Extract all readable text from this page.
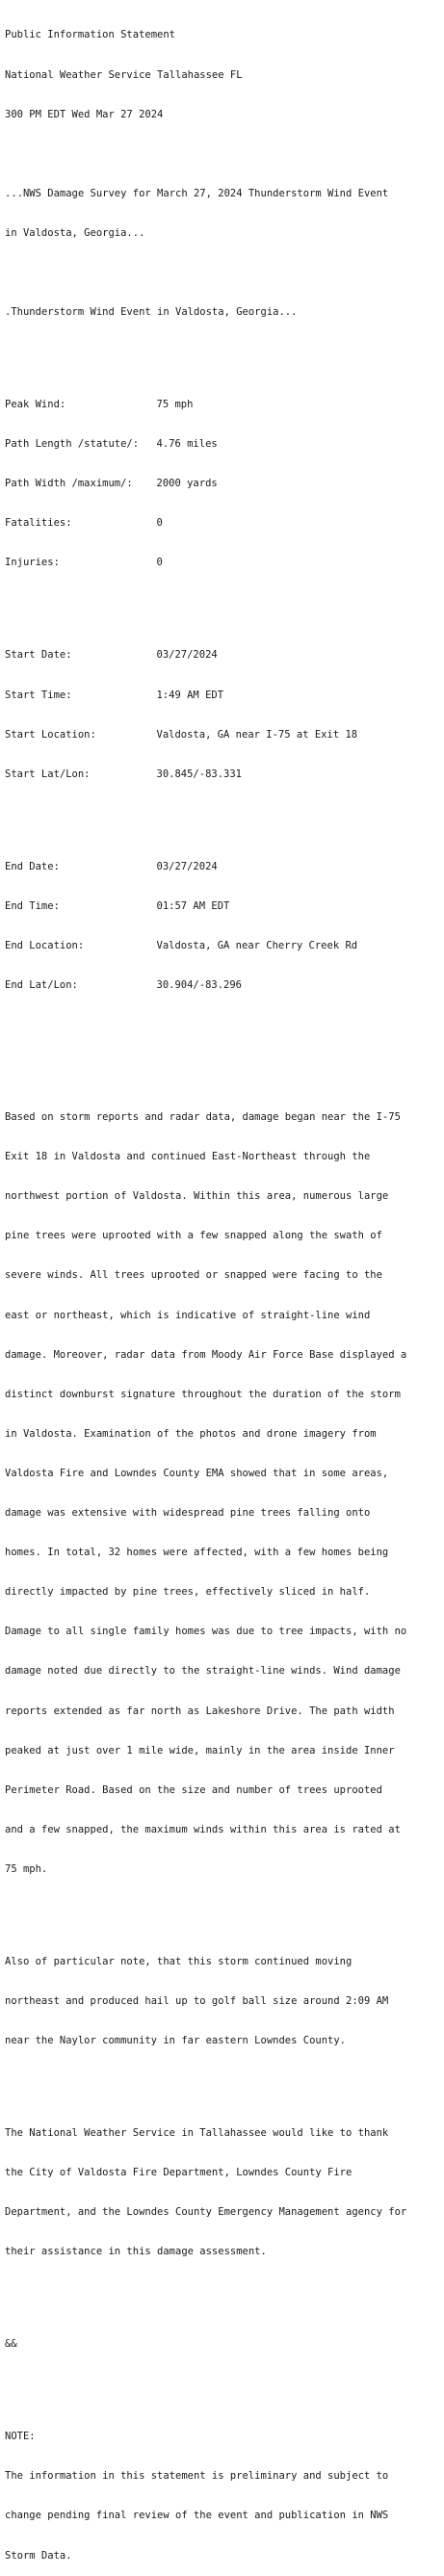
Public Information Statement

National Weather Service Tallahassee FL

300 PM EDT Wed Mar 27 2024

...NWS Damage Survey for March 27, 2024 Thunderstorm Wind Event

in Valdosta, Georgia...

.Thunderstorm Wind Event in Valdosta, Georgia...

Peak Wind:	75 mph

Path Length /statute/: 4.76 miles

Path Width /maximum/: 2000 yards

Fatalities:	0

Injuries:	0

Start Date:	03/27/2024

Start Time:	1:49 AM EDT

Start Location:	Valdosta, GA near I-75 at Exit 18

Start Lat/Lon:	30.845/-83.331

End Date:	03/27/2024

End Time:	01:57 AM EDT

End Location:	Valdosta, GA near Cherry Creek Rd

End Lat/Lon:	30.904/-83.296

Based on storm reports and radar data, damage began near the I-75

Exit 18 in Valdosta and continued East-Northeast through the

northwest portion of Valdosta. Within this area, numerous large

pine trees were uprooted with a few snapped along the swath of

severe winds. All trees uprooted or snapped were facing to the

east or northeast, which is indicative of straight-line wind

damage. Moreover, radar data from Moody Air Force Base displayed a

distinct downburst signature throughout the duration of the storm

in Valdosta. Examination of the photos and drone imagery from

Valdosta Fire and Lowndes County EMA showed that in some areas,

damage was extensive with widespread pine trees falling onto

homes. In total, 32 homes were affected, with a few homes being

directly impacted by pine trees, effectively sliced in half.

Damage to all single family homes was due to tree impacts, with no

damage noted due directly to the straight-line winds. Wind damage

reports extended as far north as Lakeshore Drive. The path width

peaked at just over 1 mile wide, mainly in the area inside Inner

Perimeter Road. Based on the size and number of trees uprooted

and a few snapped, the maximum winds within this area is rated at

75 mph.

Also of particular note, that this storm continued moving

northeast and produced hail up to golf ball size around 2:09 AM

near the Naylor community in far eastern Lowndes County.

The National Weather Service in Tallahassee would like to thank

the City of Valdosta Fire Department, Lowndes County Fire

Department, and the Lowndes County Emergency Management agency for

their assistance in this damage assessment.

&&

NOTE:

The information in this statement is preliminary and subject to

change pending final review of the event and publication in NWS

Storm Data.
